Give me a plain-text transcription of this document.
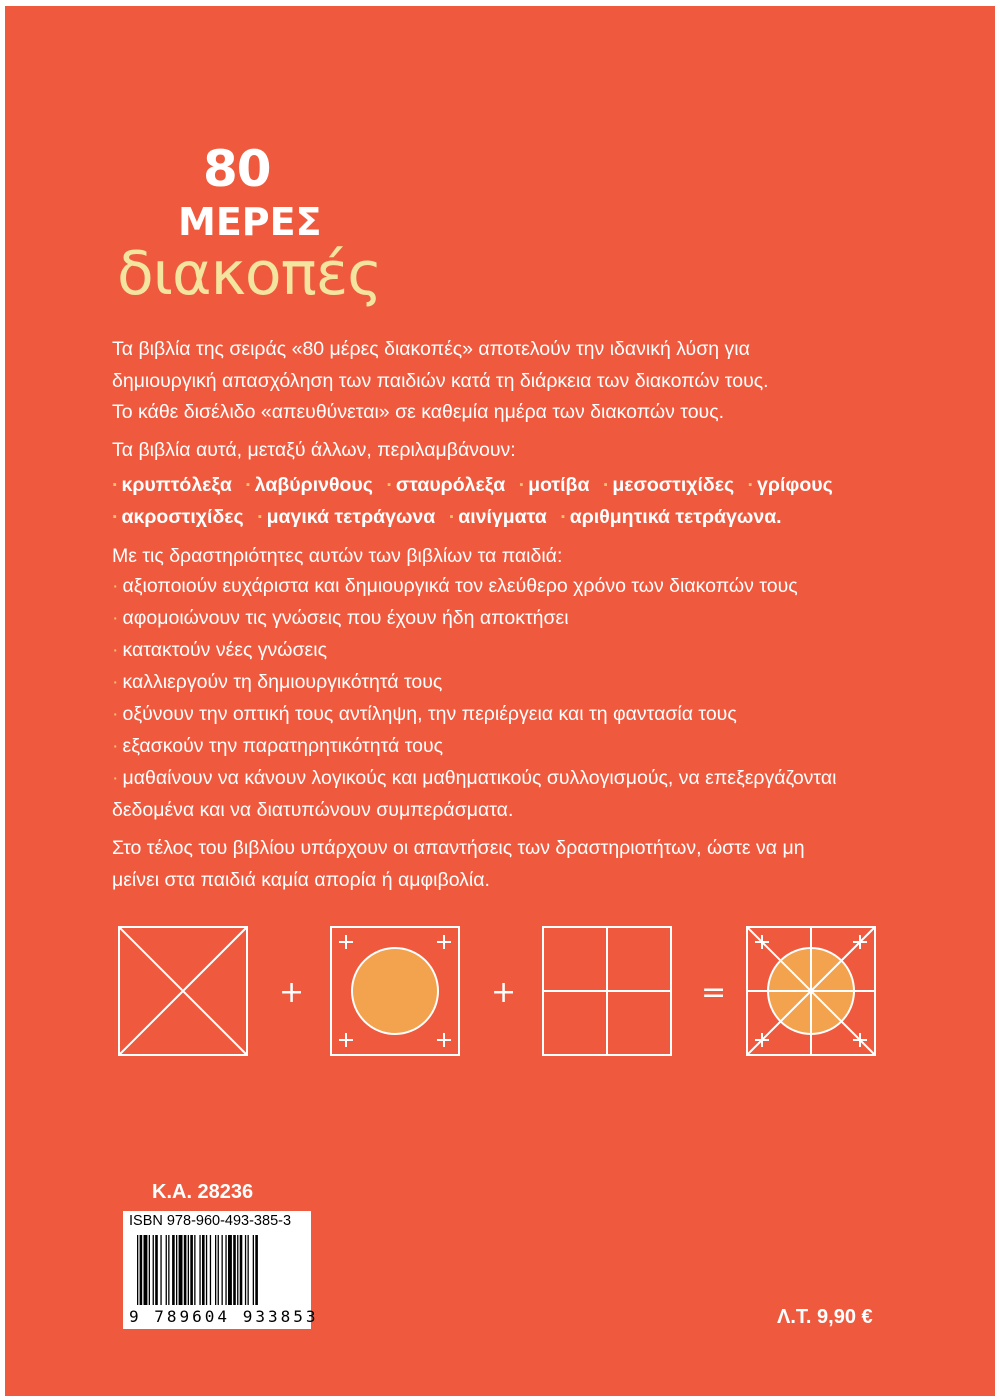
80
ΜΕΡΕΣ
διακοπές
Τα βιβλία της σειράς «80 μέρες διακοπές» αποτελούν την ιδανική λύση για
δημιουργική απασχόληση των παιδιών κατά τη διάρκεια των διακοπών τους.
Το κάθε δισέλιδο «απευθύνεται» σε καθεμία ημέρα των διακοπών τους.
Τα βιβλία αυτά, μεταξύ άλλων, περιλαμβάνουν:
· κρυπτόλεξα · λαβύρινθους · σταυρόλεξα · μοτίβα · μεσοστιχίδες · γρίφους
· ακροστιχίδες · μαγικά τετράγωνα · αινίγματα · αριθμητικά τετράγωνα.
Με τις δραστηριότητες αυτών των βιβλίων τα παιδιά:
· αξιοποιούν ευχάριστα και δημιουργικά τον ελεύθερο χρόνο των διακοπών τους
· αφομοιώνουν τις γνώσεις που έχουν ήδη αποκτήσει
· κατακτούν νέες γνώσεις
· καλλιεργούν τη δημιουργικότητά τους
· οξύνουν την οπτική τους αντίληψη, την περιέργεια και τη φαντασία τους
· εξασκούν την παρατηρητικότητά τους
· μαθαίνουν να κάνουν λογικούς και μαθηματικούς συλλογισμούς, να επεξεργάζονται
δεδομένα και να διατυπώνουν συμπεράσματα.
Στο τέλος του βιβλίου υπάρχουν οι απαντήσεις των δραστηριοτήτων, ώστε να μη
μείνει στα παιδιά καμία απορία ή αμφιβολία.
+	+	=
Κ.Α. 28236
ISBN 978-960-493-385-3
9 789604 933853	Λ.Τ. 9,90 €
